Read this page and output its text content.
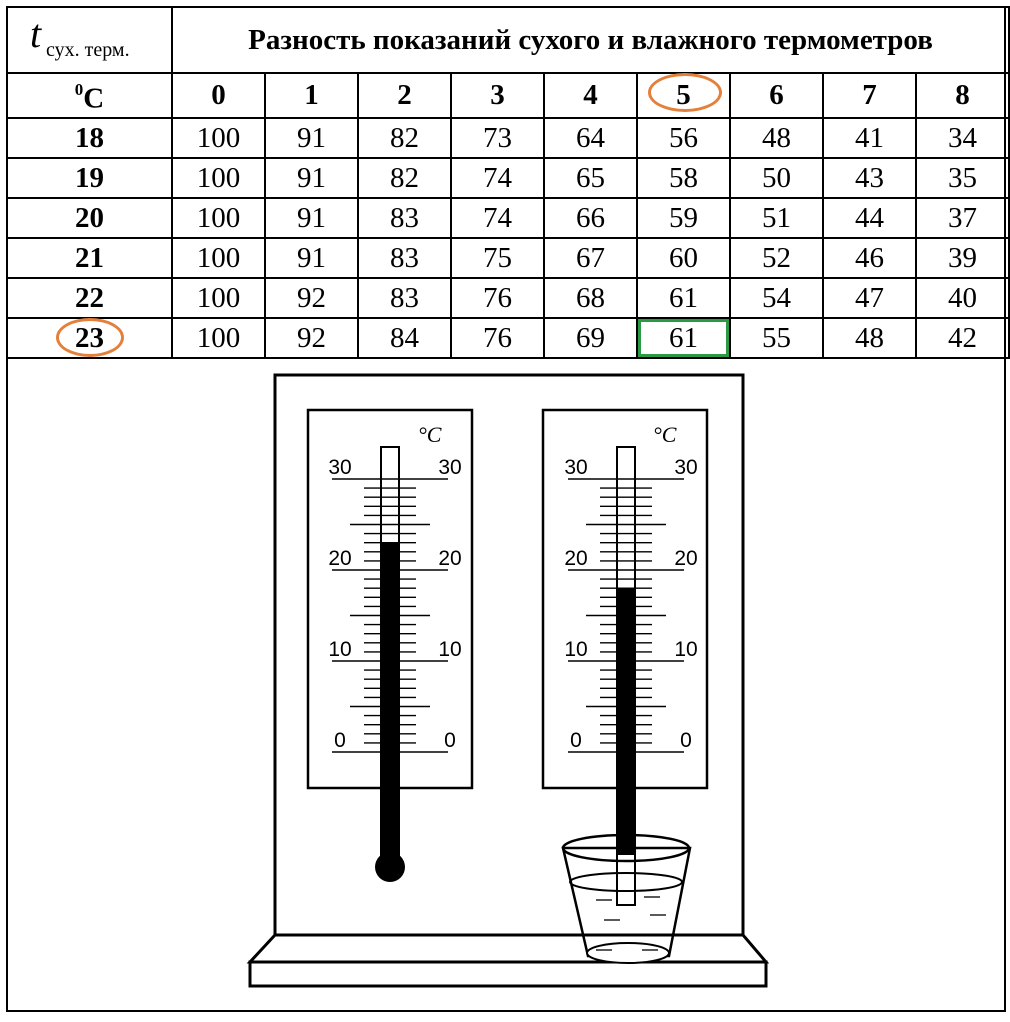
t сух. терм.	Разность показаний сухого и влажного термометров								
$^0$C	0	1	2	3	4	5	6	7	8
18	100	91	82	73	64	56	48	41	34
19	100	91	82	74	65	58	50	43	35
20	100	91	83	74	66	59	51	44	37
21	100	91	83	75	67	60	52	46	39
22	100	92	83	76	68	61	54	47	40
23	100	92	84	76	69	61	55	48	42
°C
30	30
20	20
10	10
0	0
°C
30	30
20	20
10	10
0	0
